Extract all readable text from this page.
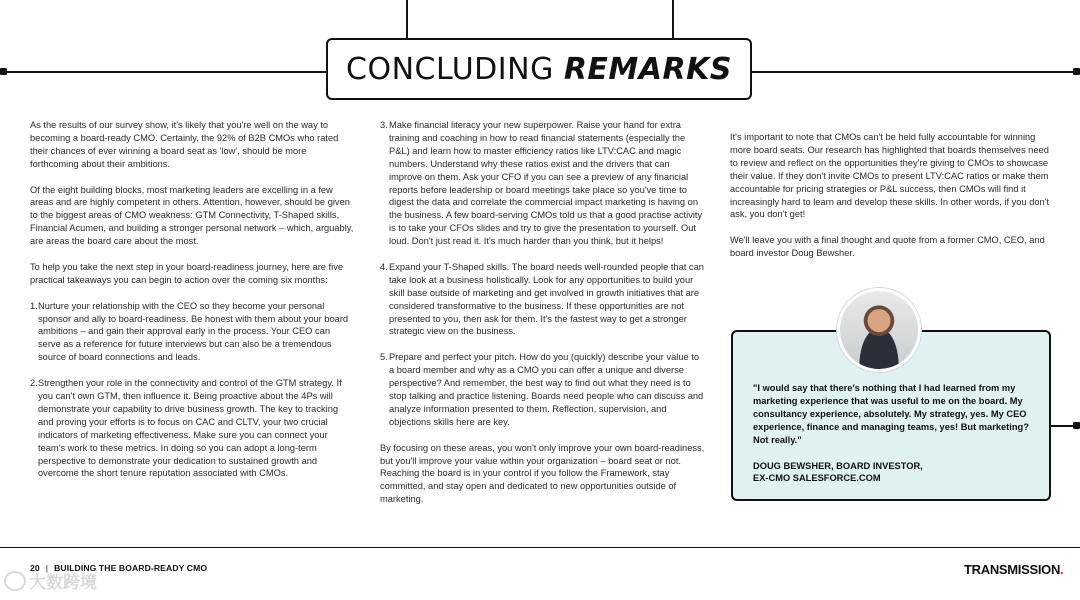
CONCLUDING REMARKS

As the results of our survey show, it's likely that you're well on the way to becoming a board-ready CMO. Certainly, the 92% of B2B CMOs who rated their chances of ever winning a board seat as 'low', should be more forthcoming about their ambitions.

Of the eight building blocks, most marketing leaders are excelling in a few areas and are highly competent in others. Attention, however, should be given to the biggest areas of CMO weakness: GTM Connectivity, T-Shaped skills, Financial Acumen, and building a stronger personal network – which, arguably, are areas the board care about the most.

To help you take the next step in your board-readiness journey, here are five practical takeaways you can begin to action over the coming six months:

1. Nurture your relationship with the CEO so they become your personal sponsor and ally to board-readiness. Be honest with them about your board ambitions – and gain their approval early in the process. Your CEO can serve as a reference for future interviews but can also be a tremendous source of board connections and leads.
2. Strengthen your role in the connectivity and control of the GTM strategy. If you can't own GTM, then influence it. Being proactive about the 4Ps will demonstrate your capability to drive business growth. The key to tracking and proving your efforts is to focus on CAC and CLTV, your two crucial indicators of marketing effectiveness. Make sure you can connect your team's work to these metrics. In doing so you can adopt a long-term perspective to demonstrate your dedication to sustained growth and overcome the short tenure reputation associated with CMOs.
3. Make financial literacy your new superpower. Raise your hand for extra training and coaching in how to read financial statements (especially the P&L) and learn how to master efficiency ratios like LTV:CAC and magic numbers. Understand why these ratios exist and the drivers that can improve on them. Ask your CFO if you can see a preview of any financial reports before leadership or board meetings take place so you've time to digest the data and correlate the commercial impact marketing is having on the business. A few board-serving CMOs told us that a good practise activity is to take your CFOs slides and try to give the presentation to yourself. Out loud. Don't just read it. It's much harder than you think, but it helps!
4. Expand your T-Shaped skills. The board needs well-rounded people that can take look at a business holistically. Look for any opportunities to build your skill base outside of marketing and get involved in growth initiatives that are considered transformative to the business. If these opportunities are not presented to you, then ask for them. It's the fastest way to get a stronger strategic view on the business.
5. Prepare and perfect your pitch. How do you (quickly) describe your value to a board member and why as a CMO you can offer a unique and diverse perspective? And remember, the best way to find out what they need is to stop talking and practice listening. Boards need people who can discuss and analyze information presented to them. Reflection, supervision, and objections skills here are key.

By focusing on these areas, you won't only improve your own board-readiness, but you'll improve your value within your organization – board seat or not. Reaching the board is in your control if you follow the Framework, stay committed, and stay open and dedicated to new opportunities outside of marketing.

It's important to note that CMOs can't be held fully accountable for winning more board seats. Our research has highlighted that boards themselves need to review and reflect on the opportunities they're giving to CMOs to showcase their value. If they don't invite CMOs to present LTV:CAC ratios or make them accountable for pricing strategies or P&L success, then CMOs will find it increasingly hard to learn and develop these skills. In other words, if you don't ask, you don't get!

We'll leave you with a final thought and quote from a former CMO, CEO, and board investor Doug Bewsher.

"I would say that there's nothing that I had learned from my marketing experience that was useful to me on the board. My consultancy experience, absolutely. My strategy, yes. My CEO experience, finance and managing teams, yes! But marketing? Not really."
DOUG BEWSHER, BOARD INVESTOR,
EX-CMO SALESFORCE.COM
20 | BUILDING THE BOARD-READY CMO	TRANSMISSION.
大数跨境
